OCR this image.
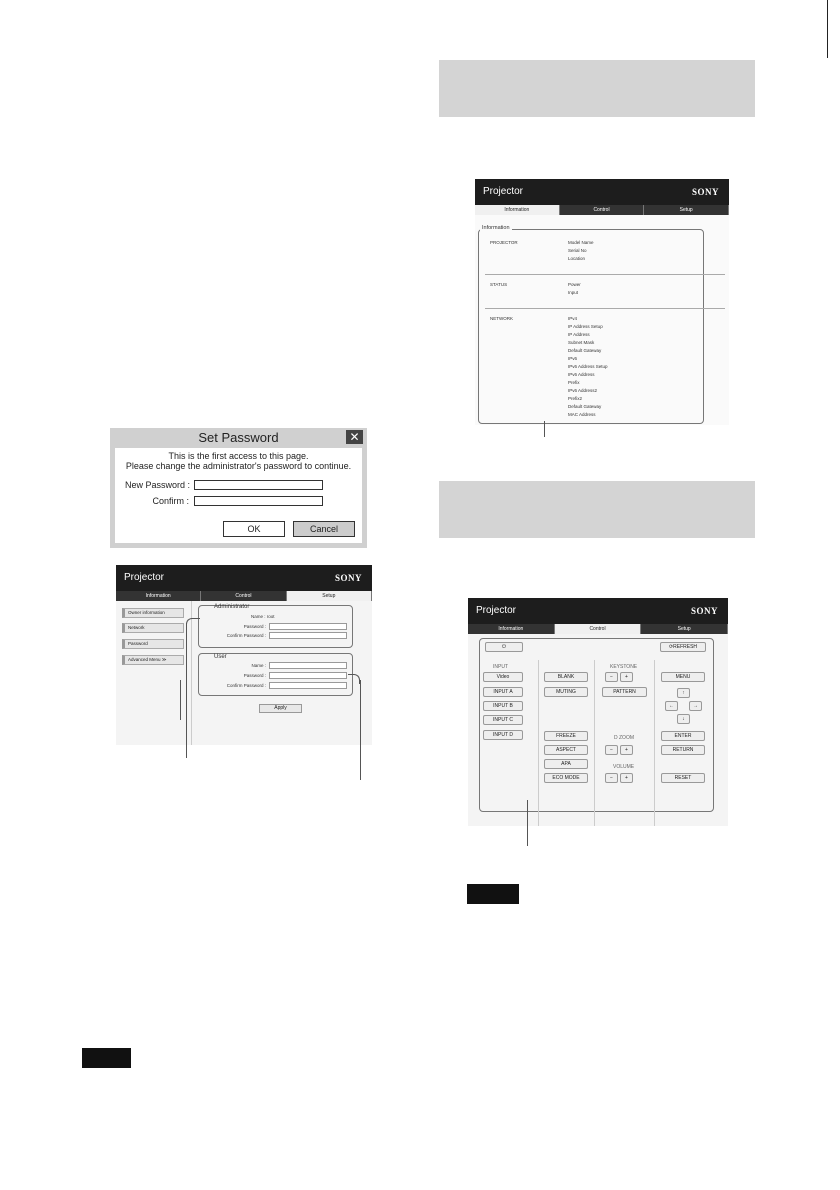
Set Password	✕
This is the first access to this page.
Please change the administrator's password to continue.
New Password :
Confirm :
OK	Cancel
Projector	SONY
Information	Control	Setup
Owner information
Network
Password
Advanced Menu ≫
Administrator
Name : root
Password :
Confirm Password :
User
Name :
Password :
Confirm Password :
Apply
Projector	SONY
Information	Control	Setup
Information
PROJECTOR	Model Name
Serial No
Location
STATUS	Power
Input
NETWORK	IPv4
IP Address Setup
IP Address
Subnet Mask
Default Gateway
IPv6
IPv6 Address Setup
IPv6 Address
Prefix
IPv6 Address2
Prefix2
Default Gateway
MAC Address
Projector	SONY
Information	Control	Setup
⏻	⟳REFRESH
INPUT
Video
INPUT A
INPUT B
INPUT C
INPUT D
BLANK
MUTING
FREEZE
ASPECT
APA
ECO MODE
KEYSTONE
−	+
PATTERN
D ZOOM
−	+
VOLUME
−	+
MENU
↑
←	→
↓
ENTER
RETURN
RESET
